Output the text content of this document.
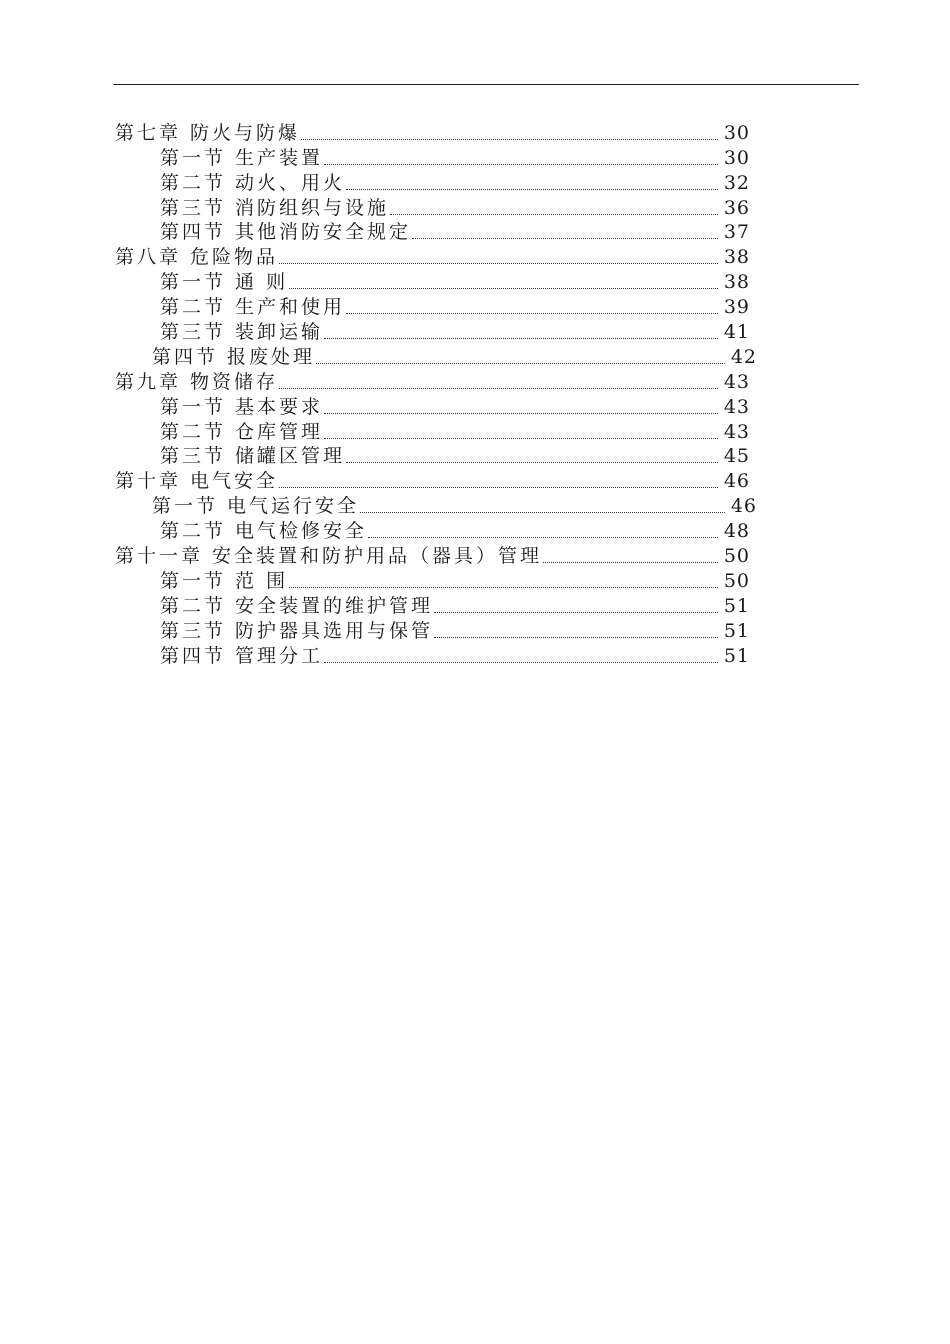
第七章 防火与防爆	30
第一节 生产装置	30
第二节 动火、用火	32
第三节 消防组织与设施	36
第四节 其他消防安全规定	37
第八章 危险物品	38
第一节 通 则	38
第二节 生产和使用	39
第三节 装卸运输	41
第四节 报废处理	42
第九章 物资储存	43
第一节 基本要求	43
第二节 仓库管理	43
第三节 储罐区管理	45
第十章 电气安全	46
第一节 电气运行安全	46
第二节 电气检修安全	48
第十一章 安全装置和防护用品（器具）管理	50
第一节 范 围	50
第二节 安全装置的维护管理	51
第三节 防护器具选用与保管	51
第四节 管理分工	51
